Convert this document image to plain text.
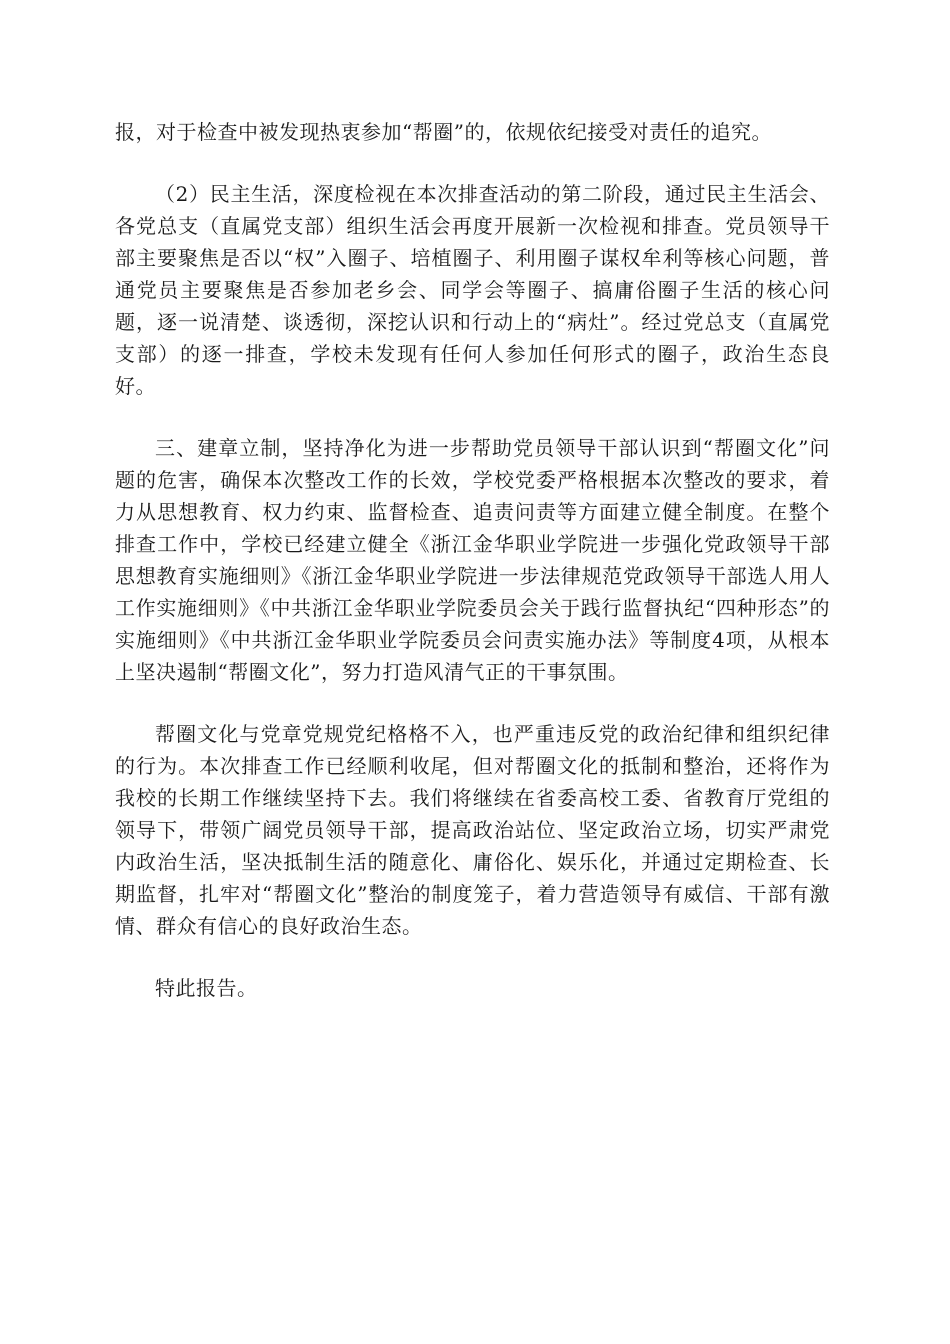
报，对于检查中被发现热衷参加“帮圈”的，依规依纪接受对责任的追究。

（2）民主生活，深度检视在本次排查活动的第二阶段，通过民主生活会、各党总支（直属党支部）组织生活会再度开展新一次检视和排查。党员领导干部主要聚焦是否以“权”入圈子、培植圈子、利用圈子谋权牟利等核心问题，普通党员主要聚焦是否参加老乡会、同学会等圈子、搞庸俗圈子生活的核心问题，逐一说清楚、谈透彻，深挖认识和行动上的“病灶”。经过党总支（直属党支部）的逐一排查，学校未发现有任何人参加任何形式的圈子，政治生态良好。

三、建章立制，坚持净化为进一步帮助党员领导干部认识到“帮圈文化”问题的危害，确保本次整改工作的长效，学校党委严格根据本次整改的要求，着力从思想教育、权力约束、监督检查、追责问责等方面建立健全制度。在整个排查工作中，学校已经建立健全《浙江金华职业学院进一步强化党政领导干部思想教育实施细则》《浙江金华职业学院进一步法律规范党政领导干部选人用人工作实施细则》《中共浙江金华职业学院委员会关于践行监督执纪“四种形态”的实施细则》《中共浙江金华职业学院委员会问责实施办法》等制度4项，从根本上坚决遏制“帮圈文化”，努力打造风清气正的干事氛围。

帮圈文化与党章党规党纪格格不入，也严重违反党的政治纪律和组织纪律的行为。本次排查工作已经顺利收尾，但对帮圈文化的抵制和整治，还将作为我校的长期工作继续坚持下去。我们将继续在省委高校工委、省教育厅党组的领导下，带领广阔党员领导干部，提高政治站位、坚定政治立场，切实严肃党内政治生活，坚决抵制生活的随意化、庸俗化、娱乐化，并通过定期检查、长期监督，扎牢对“帮圈文化”整治的制度笼子，着力营造领导有威信、干部有激情、群众有信心的良好政治生态。

特此报告。
